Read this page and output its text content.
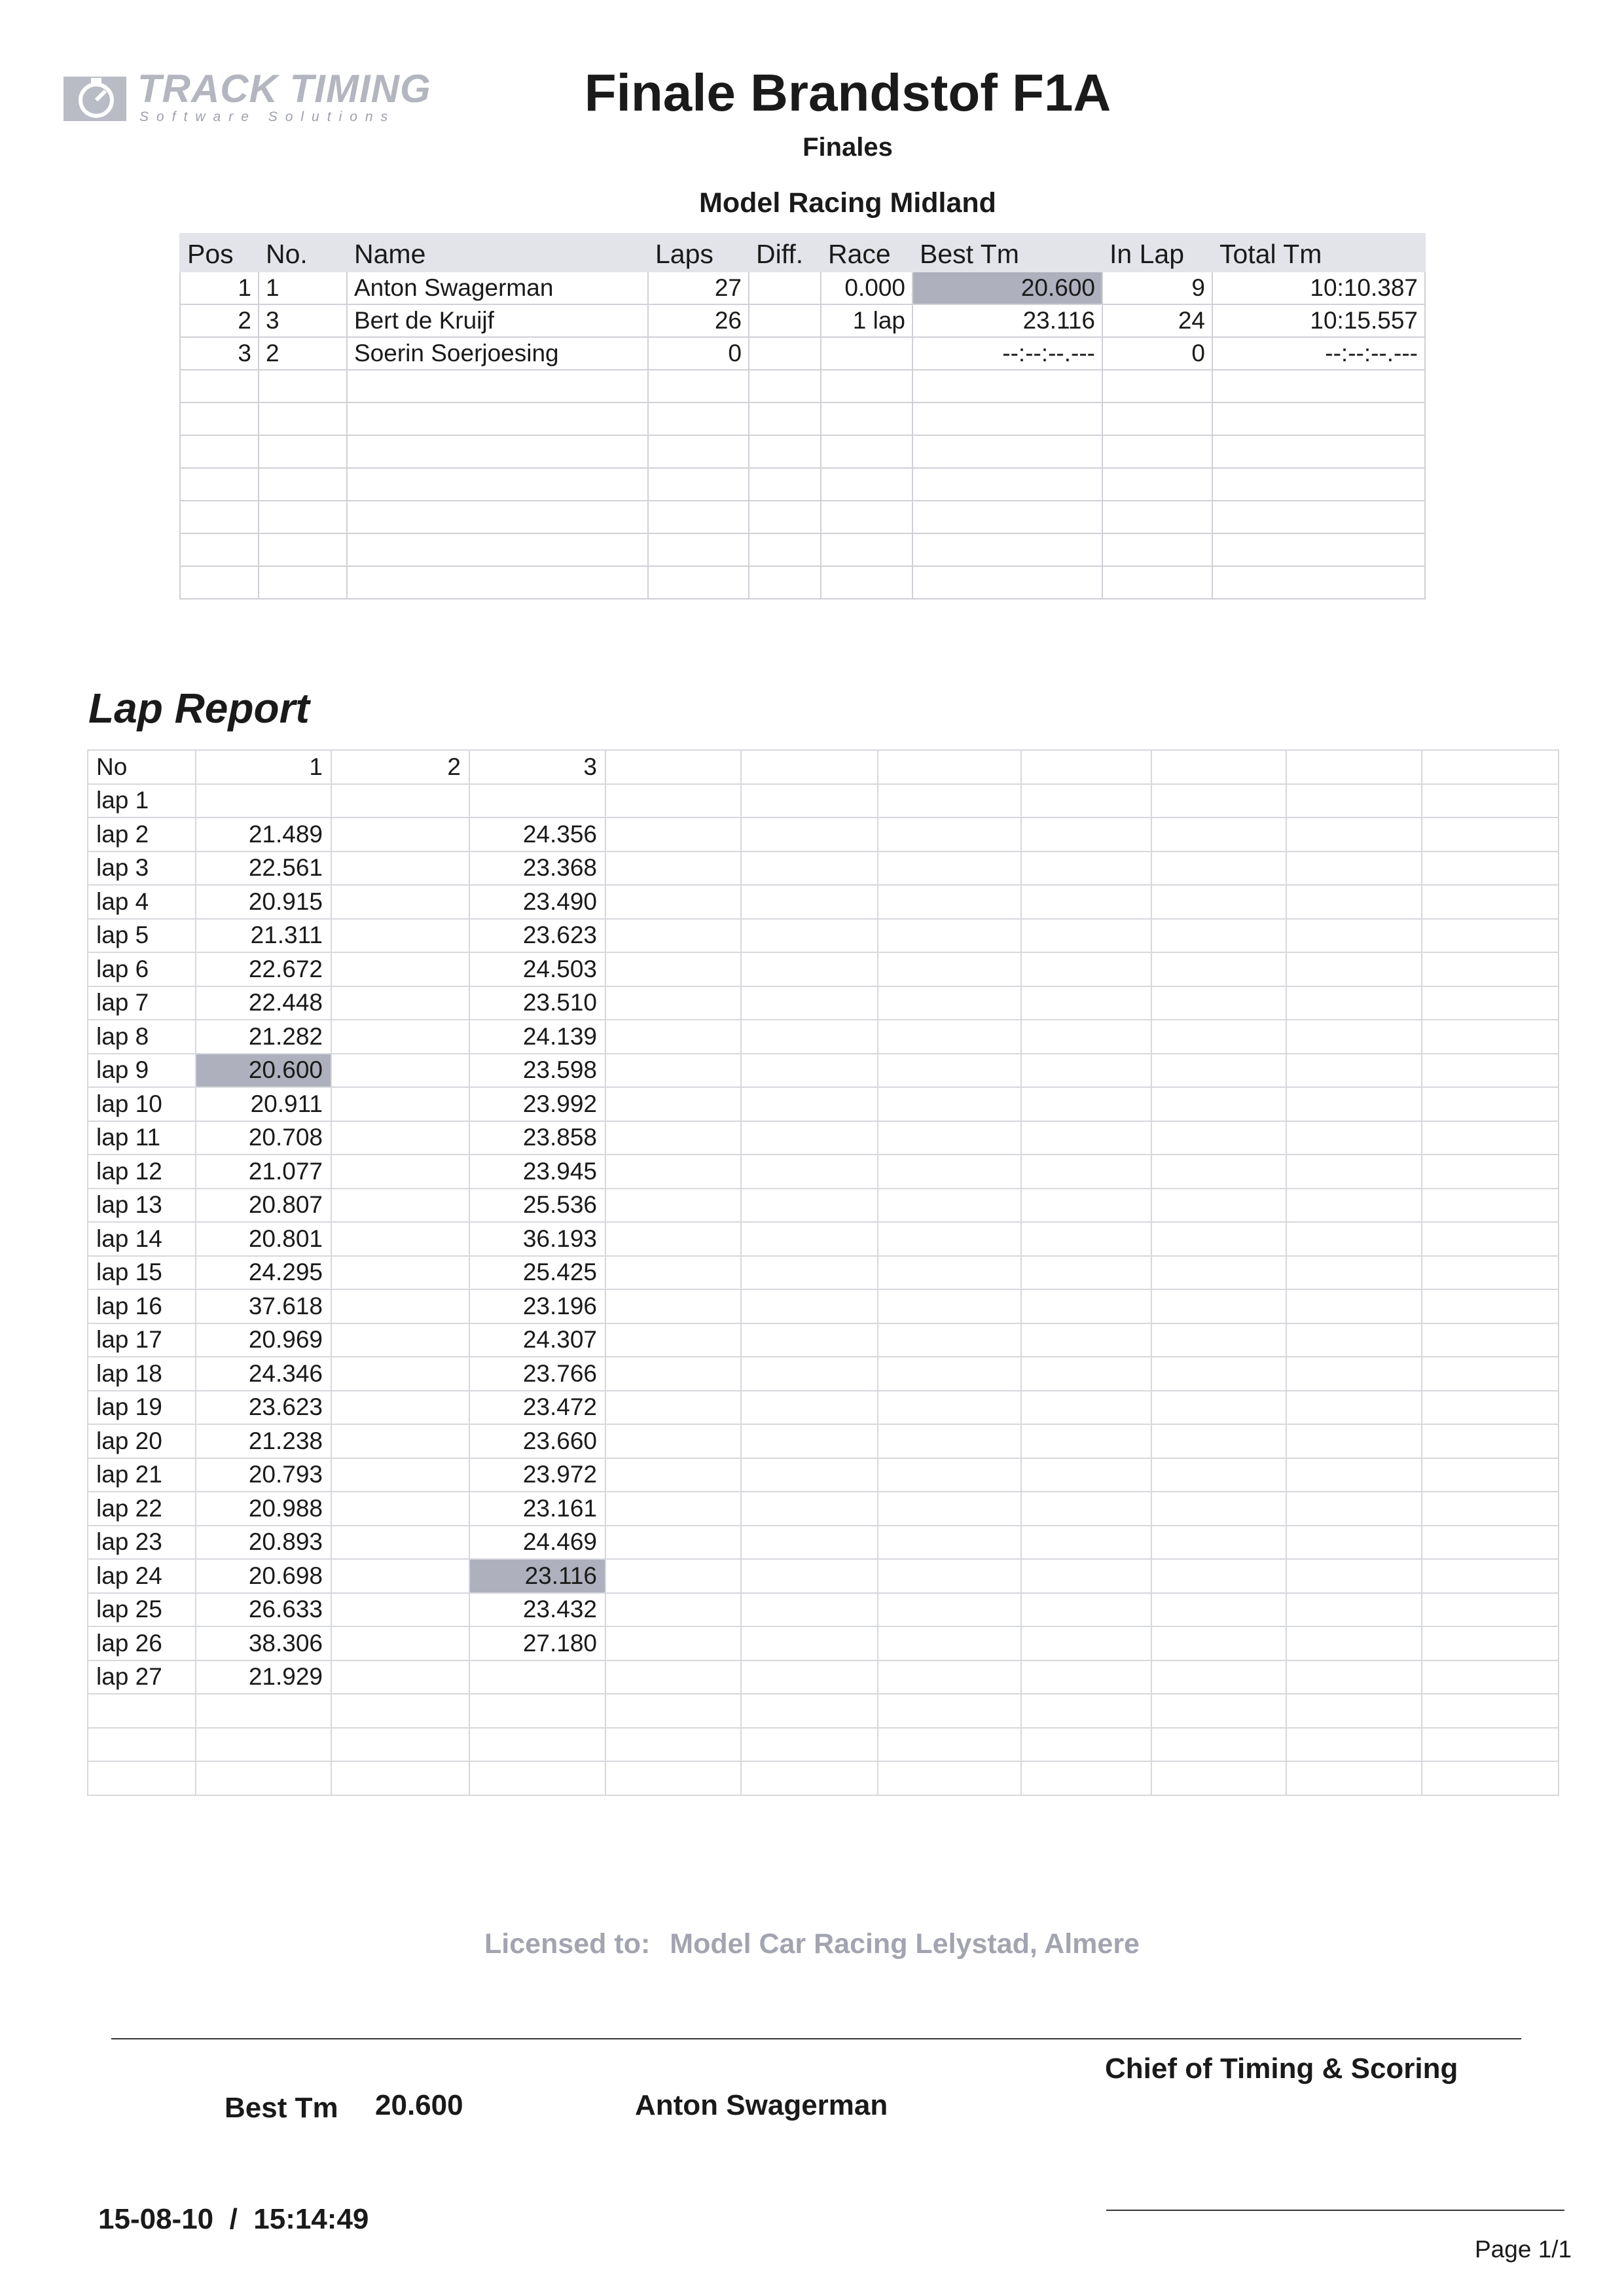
TRACK TIMING
Software Solutions	Finale Brandstof F1A
Finales
Model Racing Midland
Pos	No.	Name	Laps	Diff.	Race	Best Tm	In Lap	Total Tm
1	1	Anton Swagerman	27		0.000	20.600	9	10:10.387
2	3	Bert de Kruijf	26		1 lap	23.116	24	10:15.557
3	2	Soerin Soerjoesing	0			--:--:--.---	0	--:--:--.---

Lap Report
No	1	2	3							
lap 1										
lap 2	21.489		24.356							
lap 3	22.561		23.368							
lap 4	20.915		23.490							
lap 5	21.311		23.623							
lap 6	22.672		24.503							
lap 7	22.448		23.510							
lap 8	21.282		24.139							
lap 9	20.600		23.598							
lap 10	20.911		23.992							
lap 11	20.708		23.858							
lap 12	21.077		23.945							
lap 13	20.807		25.536							
lap 14	20.801		36.193							
lap 15	24.295		25.425							
lap 16	37.618		23.196							
lap 17	20.969		24.307							
lap 18	24.346		23.766							
lap 19	23.623		23.472							
lap 20	21.238		23.660							
lap 21	20.793		23.972							
lap 22	20.988		23.161							
lap 23	20.893		24.469							
lap 24	20.698		23.116							
lap 25	26.633		23.432							
lap 26	38.306		27.180							
lap 27	21.929									

Licensed to: Model Car Racing Lelystad, Almere
Chief of Timing & Scoring
Best Tm 20.600	Anton Swagerman
15-08-10  /  15:14:49
Page 1/1
